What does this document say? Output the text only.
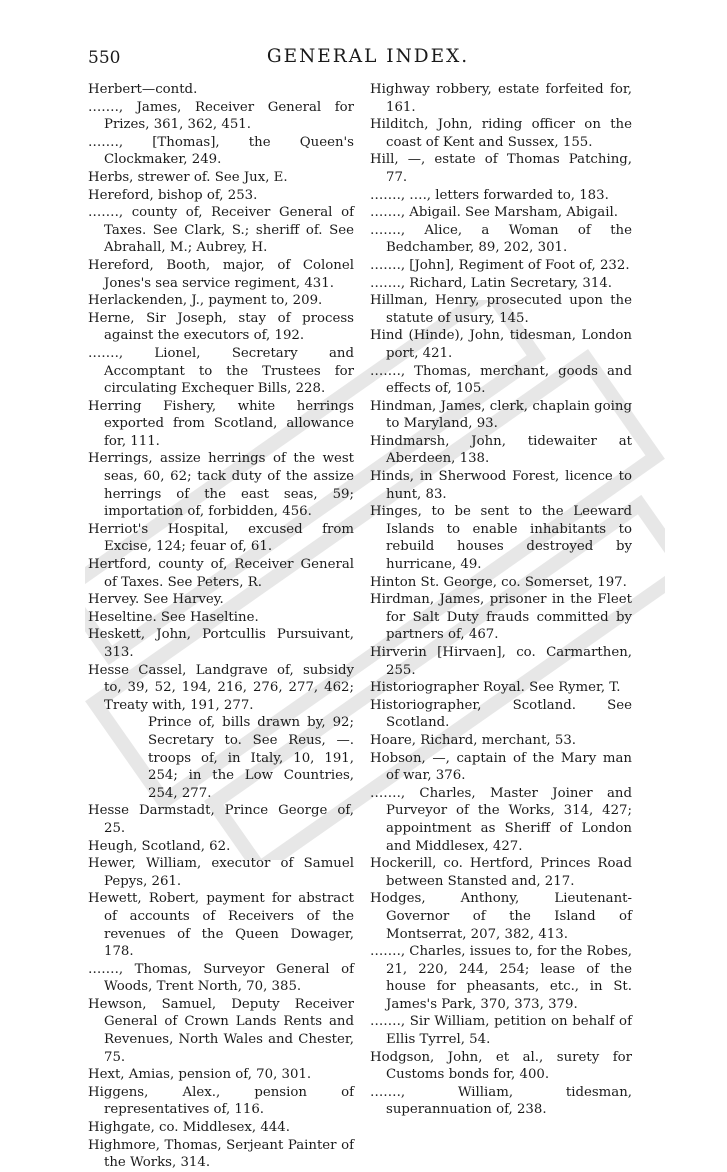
550	GENERAL INDEX.
Herbert—contd.
……., James, Receiver General for Prizes, 361, 362, 451.
……., [Thomas], the Queen's Clockmaker, 249.
Herbs, strewer of. See Jux, E.
Hereford, bishop of, 253.
……., county of, Receiver General of Taxes. See Clark, S.; sheriff of. See Abrahall, M.; Aubrey, H.
Hereford, Booth, major, of Colonel Jones's sea service regiment, 431.
Herlackenden, J., payment to, 209.
Herne, Sir Joseph, stay of process against the executors of, 192.
……., Lionel, Secretary and Accomptant to the Trustees for circulating Exchequer Bills, 228.
Herring Fishery, white herrings exported from Scotland, allowance for, 111.
Herrings, assize herrings of the west seas, 60, 62; tack duty of the assize herrings of the east seas, 59; importation of, forbidden, 456.
Herriot's Hospital, excused from Excise, 124; feuar of, 61.
Hertford, county of, Receiver General of Taxes. See Peters, R.
Hervey. See Harvey.
Heseltine. See Haseltine.
Heskett, John, Portcullis Pursuivant, 313.
Hesse Cassel, Landgrave of, subsidy to, 39, 52, 194, 216, 276, 277, 462; Treaty with, 191, 277.
Prince of, bills drawn by, 92; Secretary to. See Reus, —. troops of, in Italy, 10, 191, 254; in the Low Countries, 254, 277.
Hesse Darmstadt, Prince George of, 25.
Heugh, Scotland, 62.
Hewer, William, executor of Samuel Pepys, 261.
Hewett, Robert, payment for abstract of accounts of Receivers of the revenues of the Queen Dowager, 178.
……., Thomas, Surveyor General of Woods, Trent North, 70, 385.
Hewson, Samuel, Deputy Receiver General of Crown Lands Rents and Revenues, North Wales and Chester, 75.
Hext, Amias, pension of, 70, 301.
Higgens, Alex., pension of representatives of, 116.
Highgate, co. Middlesex, 444.
Highmore, Thomas, Serjeant Painter of the Works, 314.
Highway robbery, estate forfeited for, 161.
Hilditch, John, riding officer on the coast of Kent and Sussex, 155.
Hill, —, estate of Thomas Patching, 77.
……., …., letters forwarded to, 183.
……., Abigail. See Marsham, Abigail.
……., Alice, a Woman of the Bedchamber, 89, 202, 301.
……., [John], Regiment of Foot of, 232.
……., Richard, Latin Secretary, 314.
Hillman, Henry, prosecuted upon the statute of usury, 145.
Hind (Hinde), John, tidesman, London port, 421.
……., Thomas, merchant, goods and effects of, 105.
Hindman, James, clerk, chaplain going to Maryland, 93.
Hindmarsh, John, tidewaiter at Aberdeen, 138.
Hinds, in Sherwood Forest, licence to hunt, 83.
Hinges, to be sent to the Leeward Islands to enable inhabitants to rebuild houses destroyed by hurricane, 49.
Hinton St. George, co. Somerset, 197.
Hirdman, James, prisoner in the Fleet for Salt Duty frauds committed by partners of, 467.
Hirverin [Hirvaen], co. Carmarthen, 255.
Historiographer Royal. See Rymer, T.
Historiographer, Scotland. See Scotland.
Hoare, Richard, merchant, 53.
Hobson, —, captain of the Mary man of war, 376.
……., Charles, Master Joiner and Purveyor of the Works, 314, 427; appointment as Sheriff of London and Middlesex, 427.
Hockerill, co. Hertford, Princes Road between Stansted and, 217.
Hodges, Anthony, Lieutenant-Governor of the Island of Montserrat, 207, 382, 413.
……., Charles, issues to, for the Robes, 21, 220, 244, 254; lease of the house for pheasants, etc., in St. James's Park, 370, 373, 379.
……., Sir William, petition on behalf of Ellis Tyrrel, 54.
Hodgson, John, et al., surety for Customs bonds for, 400.
……., William, tidesman, superannuation of, 238.
